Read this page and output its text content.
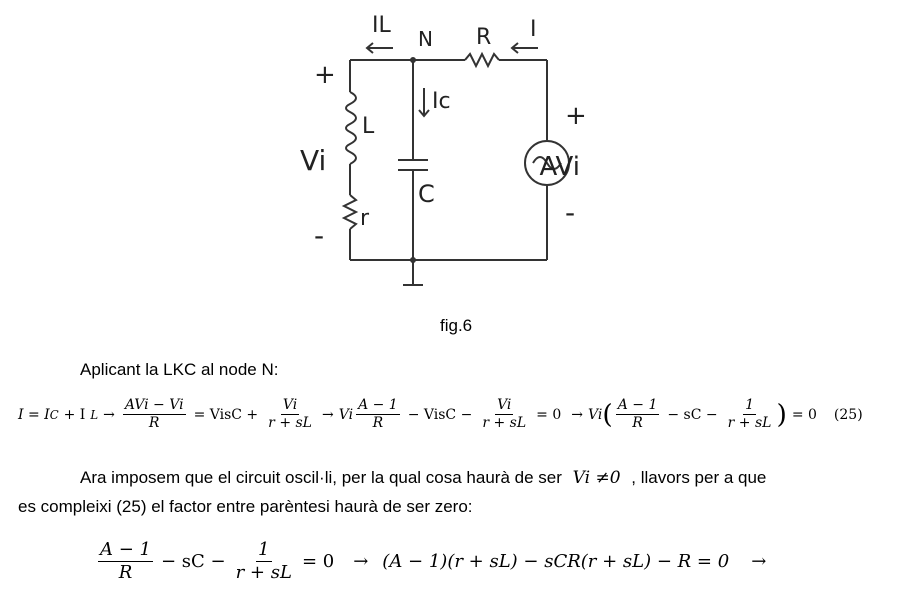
IL
N R I
Ic
L
C
r
Vi	AVi
+
-
+
-
fig.6
Aplicant la LKC al node N:
I = I C + I $L \to \frac{\text{AVi − Vi}}{R}$ = VisC + $\frac{Vi}{r + sL} \to Vi \frac{A - 1}{R}$ − VisC − $\frac{Vi}{r + sL} = 0 \to Vi$ ( $\frac{A - 1}{R}$ − sC − $\frac{1}{r + sL}$ ) = 0 (25)
Ara imposem que el circuit oscil·li, per la qual cosa haurà de ser Vi ≠0 , llavors per a que
es compleixi (25) el factor entre parèntesi haurà de ser zero:
$\frac{A - 1}{R}$ − sC − $\frac{1}{r + sL} = 0 \to (A - 1)(r + sL) - sCR(r + sL) - R = 0$ →
